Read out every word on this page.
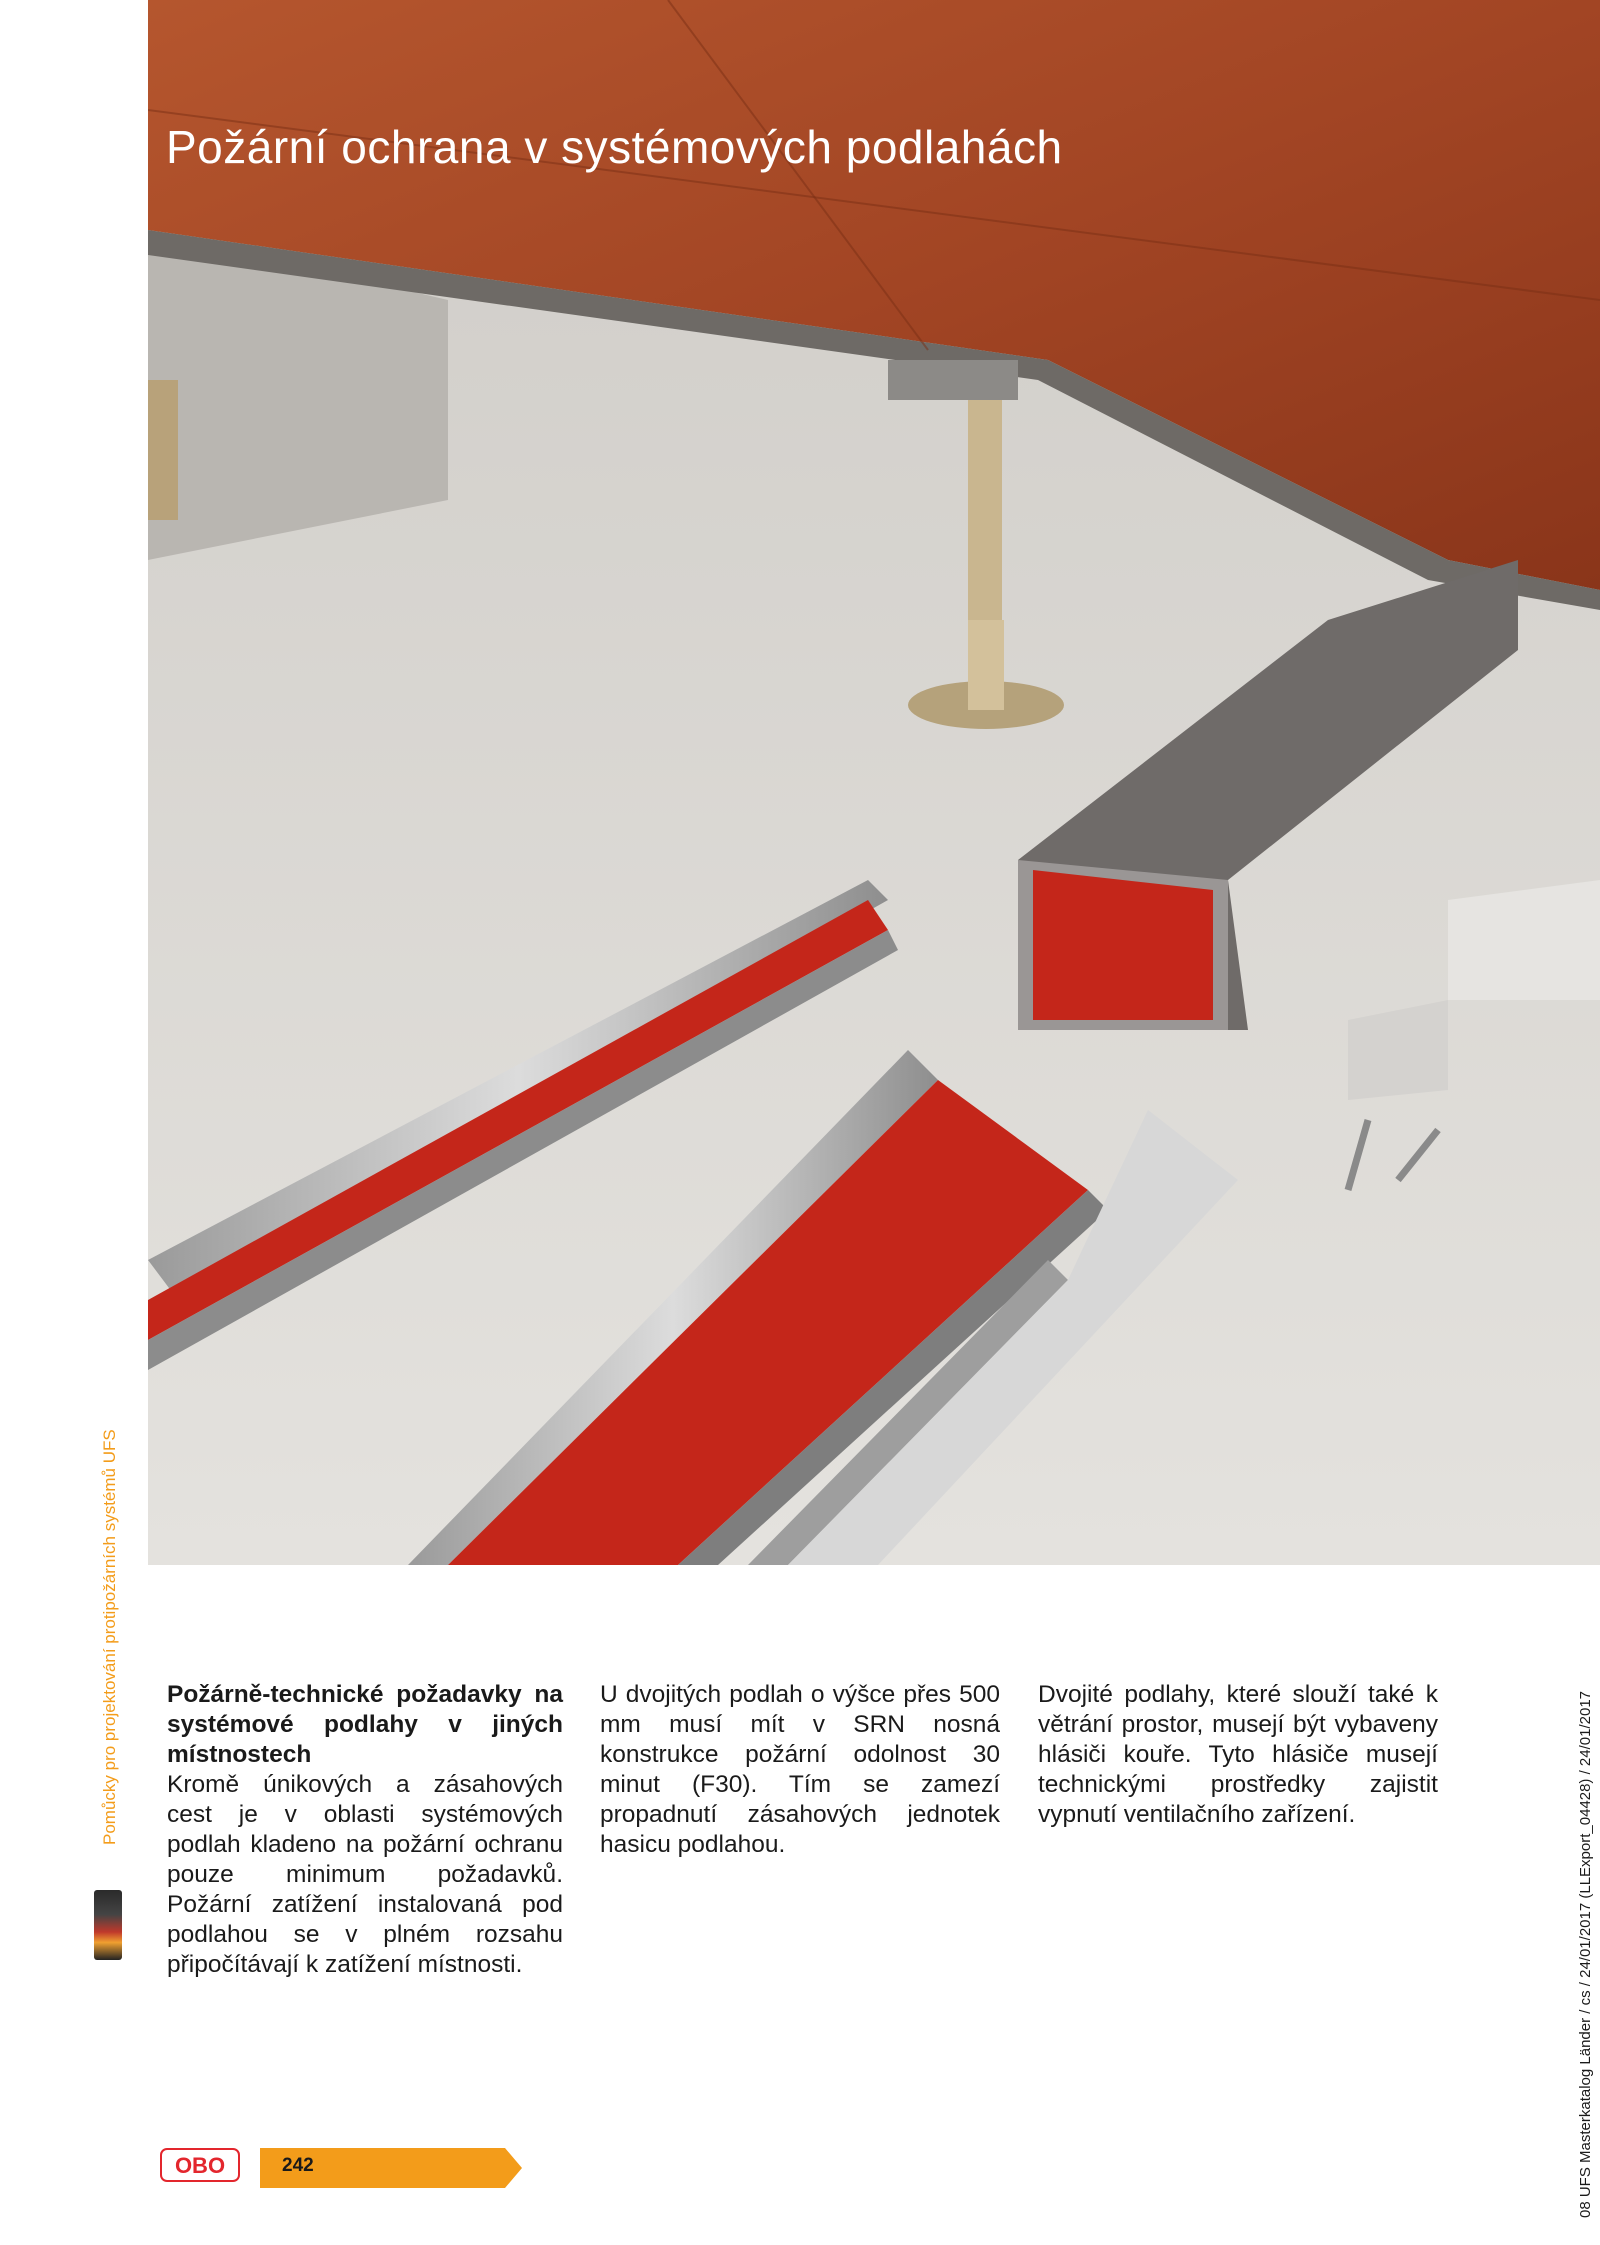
Požární ochrana v systémových podlahách
Pomůcky pro projektování protipožárních systémů UFS
08 UFS Masterkatalog Länder / cs / 24/01/2017 (LLExport_04428) / 24/01/2017
Požárně-technické požadavky na systémové podlahy v jiných místnostech

Kromě únikových a zásahových cest je v oblasti systémových podlah kladeno na požární ochranu pouze minimum požadavků. Požární zatížení instalovaná pod podlahou se v plném rozsahu připočítávají k zatížení místnosti.

U dvojitých podlah o výšce přes 500 mm musí mít v SRN nosná konstrukce požární odolnost 30 minut (F30). Tím se zamezí propadnutí zásahových jednotek hasicu podlahou.

Dvojité podlahy, které slouží také k větrání prostor, musejí být vybaveny hlásiči kouře. Tyto hlásiče musejí technickými prostředky zajistit vypnutí ventilačního zařízení.

OBO	242
